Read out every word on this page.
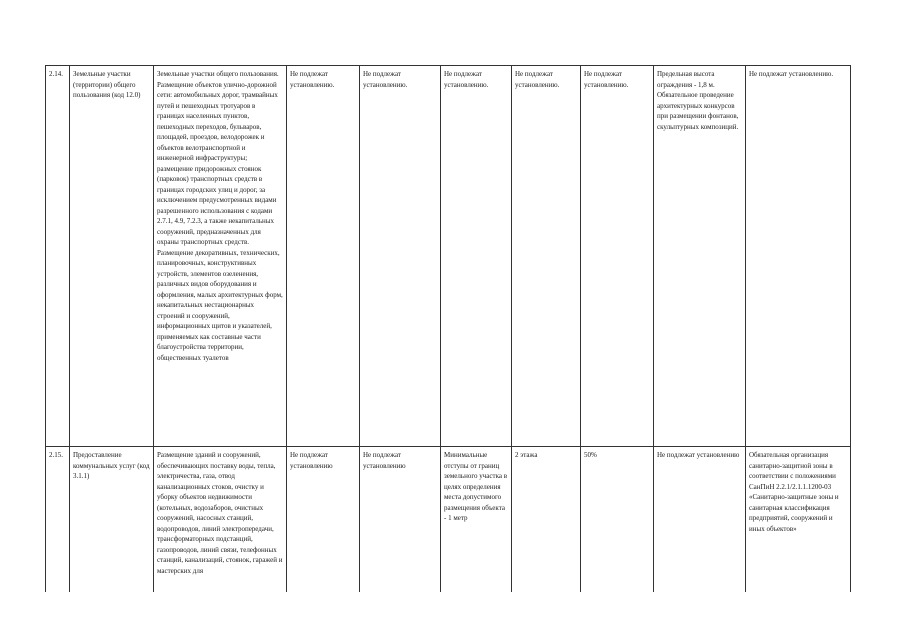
2.14.	Земельные участки (территории) общего пользования (код 12.0)	Земельные участки общего пользования. Размещение объектов улично-дорожной сети: автомобильных дорог, трамвайных путей и пешеходных тротуаров в границах населенных пунктов, пешеходных переходов, бульваров, площадей, проездов, велодорожек и объектов велотранспортной и инженерной инфраструктуры; размещение придорожных стоянок (парковок) транспортных средств в границах городских улиц и дорог, за исключением предусмотренных видами разрешенного использования с кодами 2.7.1, 4.9, 7.2.3, а также некапитальных сооружений, предназначенных для охраны транспортных средств. Размещение декоративных, технических, планировочных, конструктивных устройств, элементов озеленения, различных видов оборудования и оформления, малых архитектурных форм, некапитальных нестационарных строений и сооружений, информационных щитов и указателей, применяемых как составные части благоустройства территории, общественных туалетов	Не подлежат установлению.	Не подлежат установлению.	Не подлежат установлению.	Не подлежат установлению.	Не подлежат установлению.	Предельная высота ограждения - 1,8 м. Обязательное проведение архитектурных конкурсов при размещении фонтанов, скульптурных композиций.	Не подлежат установлению.
2.15.	Предоставление коммунальных услуг (код 3.1.1)	Размещение зданий и сооружений, обеспечивающих поставку воды, тепла, электричества, газа, отвод канализационных стоков, очистку и уборку объектов недвижимости (котельных, водозаборов, очистных сооружений, насосных станций, водопроводов, линий электропередачи, трансформаторных подстанций, газопроводов, линий связи, телефонных станций, канализаций, стоянок, гаражей и мастерских для	Не подлежат установлению	Не подлежат установлению	Минимальные отступы от границ земельного участка в целях определения места допустимого размещения объекта - 1 метр	2 этажа	50%	Не подлежат установлению	Обязательная организация санитарно-защитной зоны в соответствии с положениями СанПиН 2.2.1/2.1.1.1200-03 «Санитарно-защитные зоны и санитарная классификация предприятий, сооружений и иных объектов»
